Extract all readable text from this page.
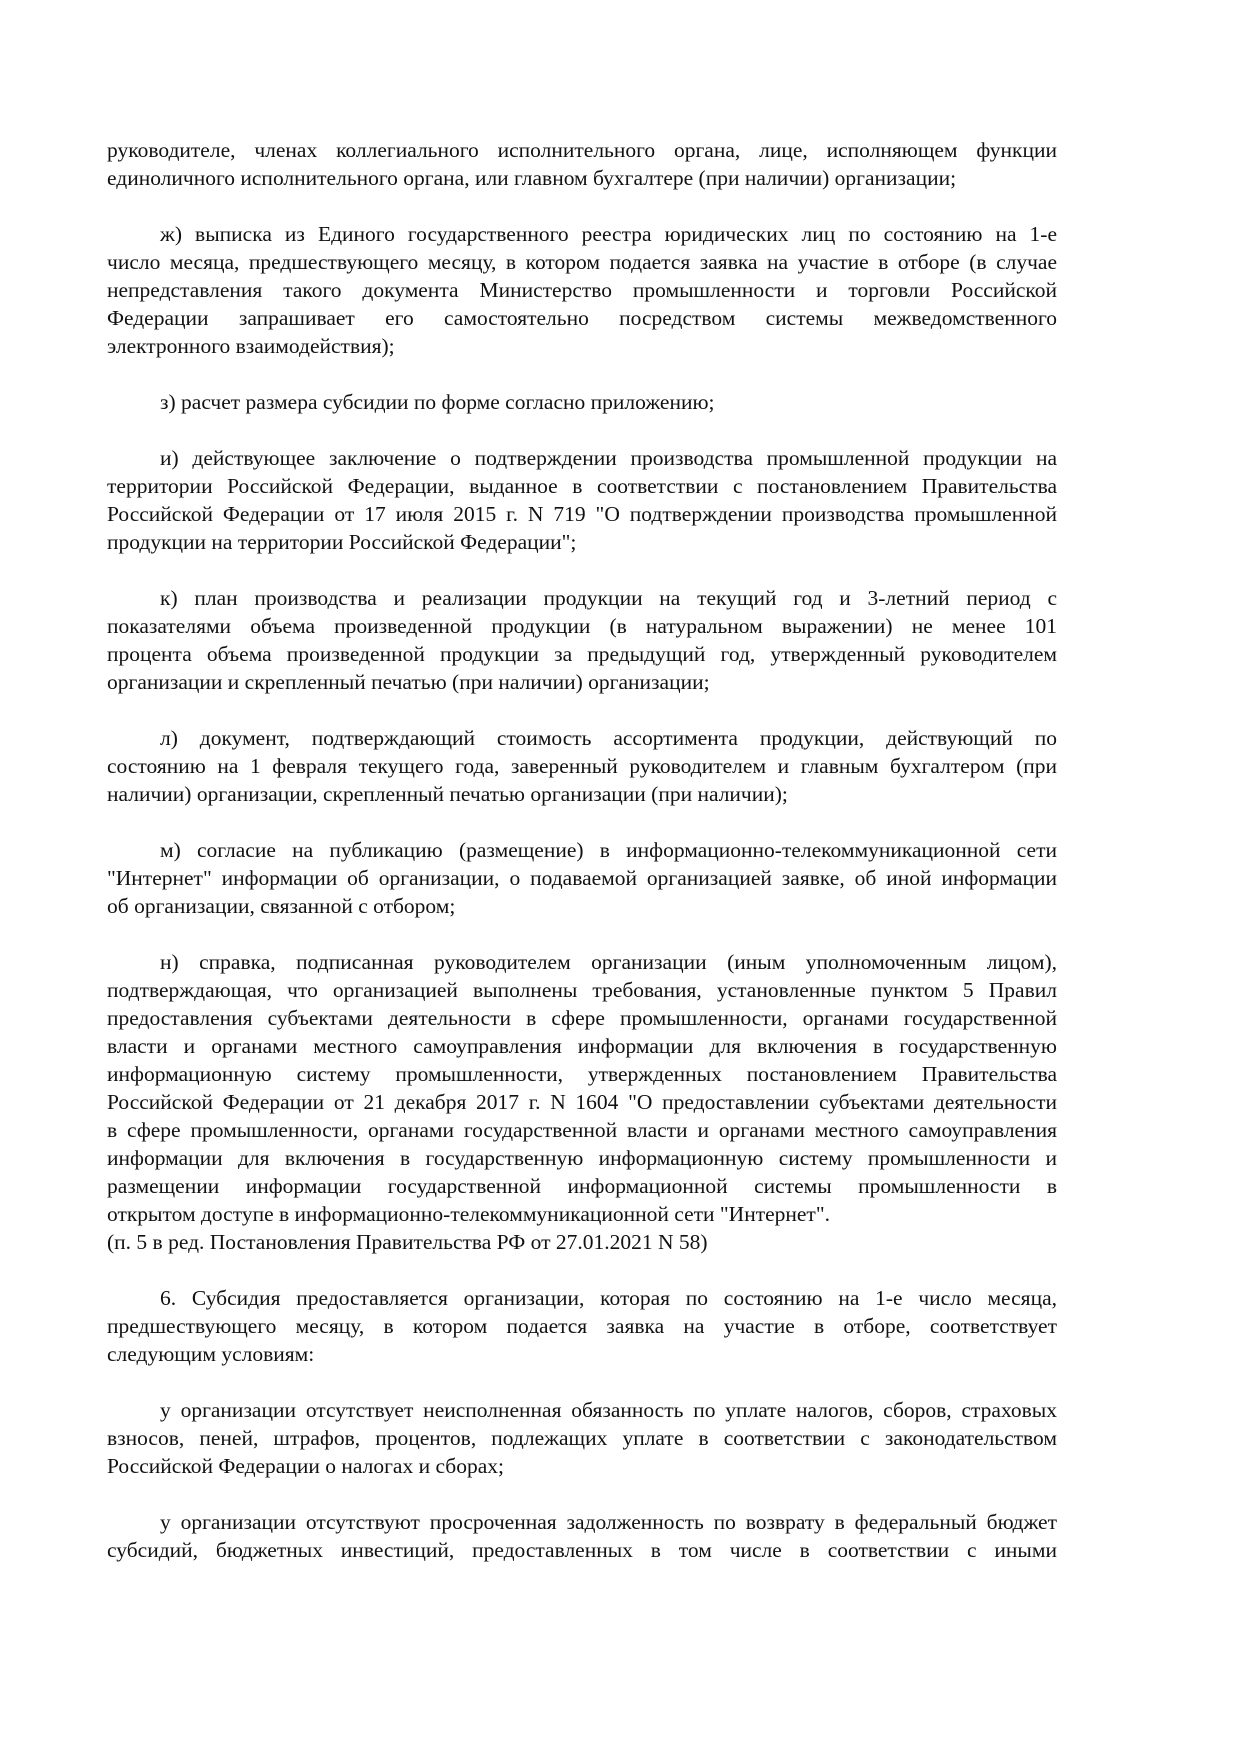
руководителе, членах коллегиального исполнительного органа, лице, исполняющем функции
единоличного исполнительного органа, или главном бухгалтере (при наличии) организации;
ж) выписка из Единого государственного реестра юридических лиц по состоянию на 1-е
число месяца, предшествующего месяцу, в котором подается заявка на участие в отборе (в случае
непредставления такого документа Министерство промышленности и торговли Российской
Федерации запрашивает его самостоятельно посредством системы межведомственного
электронного взаимодействия);
з) расчет размера субсидии по форме согласно приложению;
и) действующее заключение о подтверждении производства промышленной продукции на
территории Российской Федерации, выданное в соответствии с постановлением Правительства
Российской Федерации от 17 июля 2015 г. N 719 "О подтверждении производства промышленной
продукции на территории Российской Федерации";
к) план производства и реализации продукции на текущий год и 3-летний период с
показателями объема произведенной продукции (в натуральном выражении) не менее 101
процента объема произведенной продукции за предыдущий год, утвержденный руководителем
организации и скрепленный печатью (при наличии) организации;
л) документ, подтверждающий стоимость ассортимента продукции, действующий по
состоянию на 1 февраля текущего года, заверенный руководителем и главным бухгалтером (при
наличии) организации, скрепленный печатью организации (при наличии);
м) согласие на публикацию (размещение) в информационно-телекоммуникационной сети
"Интернет" информации об организации, о подаваемой организацией заявке, об иной информации
об организации, связанной с отбором;
н) справка, подписанная руководителем организации (иным уполномоченным лицом),
подтверждающая, что организацией выполнены требования, установленные пунктом 5 Правил
предоставления субъектами деятельности в сфере промышленности, органами государственной
власти и органами местного самоуправления информации для включения в государственную
информационную систему промышленности, утвержденных постановлением Правительства
Российской Федерации от 21 декабря 2017 г. N 1604 "О предоставлении субъектами деятельности
в сфере промышленности, органами государственной власти и органами местного самоуправления
информации для включения в государственную информационную систему промышленности и
размещении информации государственной информационной системы промышленности в
открытом доступе в информационно-телекоммуникационной сети "Интернет".
(п. 5 в ред. Постановления Правительства РФ от 27.01.2021 N 58)
6. Субсидия предоставляется организации, которая по состоянию на 1-е число месяца,
предшествующего месяцу, в котором подается заявка на участие в отборе, соответствует
следующим условиям:
у организации отсутствует неисполненная обязанность по уплате налогов, сборов, страховых
взносов, пеней, штрафов, процентов, подлежащих уплате в соответствии с законодательством
Российской Федерации о налогах и сборах;
у организации отсутствуют просроченная задолженность по возврату в федеральный бюджет
субсидий, бюджетных инвестиций, предоставленных в том числе в соответствии с иными
